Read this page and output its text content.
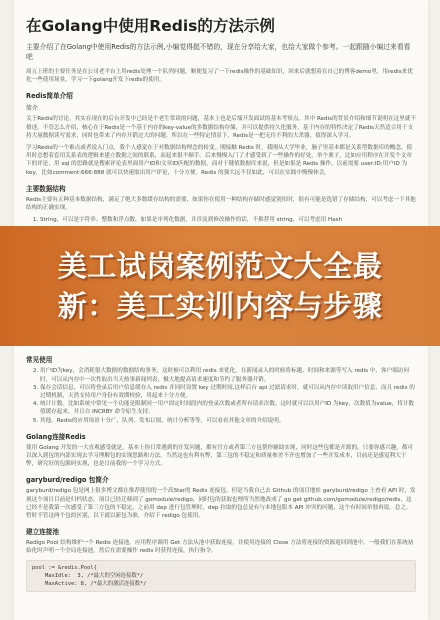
在Golang中使用Redis的方法示例
主要介绍了在Golang中使用Redis的方法示例,小编觉得挺不错的，现在分享给大家，也给大家做个参考。一起跟随小编过来看看吧
周五上班的主要任务是在公司老平台上用redis处理一个队列问题，顺便复习了一下redis操作的基础知识，回来后就想着在自己的博客demo里，用redis来优化一些使用场景，学习一下golang开发下redis的使用。
Redis简单介绍
简介
关于Redis的讨论，其实在现在的后台开发中已经是个老生常谈的问题，基本上也是后端开发面试的基本考察点。其中 Redis的背景介绍和细节说明在这里就不赘述。不管怎么介绍，核心在于Redis是一个基于内存的key-value的多数据结构存储，并可以提供持久化服务。基于内存的特性决定了Redis天然适合用于支持大量数据读写需求，同时也带来了内存开销过大的问题。所以在一些特定情景下，Redis是一把无往不利的大杀器，值得深入学习。
学习Redis的一个难点或者说入门点，我个人感觉在于对数据结构理念的转变。刚接触 Redis 时，我刚从大学毕业，脑子里基本都是关系型数据库的概念，使用时总想着套用关系表的逻辑来建立数据之间的联系，而起来很不顺手。后来慢慢入门了才感受到了一些操作的好处。举个栗子，比如应用程序在开发个文章下的评论，用 sql 的思路就是搜索评论表里面用户ID和文章ID匹配的数据，而对于键值数据库来说，但是如果是 Redis 操作，以前需要 user:ID:用户ID 为key，比如comment:666:888 就可以快速取出用户评论，十分方便。Redis 的强大远不仅如此，可以在实践中慢慢体会。
主要数据结构
Redis主要有五种基本数据结构，满足了绝大多数缓存结构的需要，如果你在使用一种结构存储时感觉别扭时，很有可能是选错了存储结构，可以考虑一下其他结构的正确实现。
1. String，可以是字符串、整数和浮点数，如果是序列化数据，并涉及到修改操作的话，不推荐用 string，可以考虑用 Hash
常见使用
2. 用户ID为key，会消耗很大数据的数据结构事务，这时候可以利用 redis 来优化，在新闻录入的时候将标题、时间和来源等写入 redis 中，客户端访问时，可以从内存中一次性取出当天热事新闻列表，极大地提高请求速度和节约了服务器开销。
3. 保存会话信息，可以将登录后用户信息缓存入 redis 并同时设置 key 过期时间,这样后台 api 过滤请求时，就可以从内存中读取用户信息，而且 redis 的过期机制，天然支持用户身份有效期校验，用起来十分方便。
4. 统计计数。比如系统中常见一个功能是限制同一用户固定时间段内的登录次数或者所有请求次数，这时就可以以用户ID 为key，次数值为value，将计数值缓存起来，并且自 INCRBY 命令原生支持。
5. 其他。Redis的应用场景十分广，队列、发布订阅、统计分析等等，可以看看其他文章的介绍说明。
Golang连接Redis
使用 Golang 开发的一大直观感受就是，基本上你日常遇到的开发问题，都有官方或者第三方包帮你辅助实现，同时这些包都是开源的，只要你感兴趣，都可以深入到包的内部实现去学习理解包的实现思路和方法。当然这也有利有弊，第三包的不稳定和质量参差不齐也增加了一些开发成本，目前还是感觉利大于弊，研究好的包源码实现，也是日前我的一个学习方式。
garyburd/redigo 包简介
garyburd/redigo 包是网上很多博文都在推荐使用的一个高Star的 Redis 连接包，但是当我自己去 Github 的项目地址 garyburd/redigo 上查看 API 时，发现这个项目目前是归档状态，项目已经迁移到了 gomodule/redigo，同时包的获取也理所当然地改成了 go get github.com/gomodule/redigo/redis，这已经不是我第一次感受了第三方包的不稳定，之前用 dep 进行包管理时，dep 拉取的包总是有与本地包版本 API 冲突的问题，这个有时间单独再说。总之，暂时不管这两个包的区别，以下就以新包为准，介绍下 redigo 包使用。
建立连接池
Redigo Pool 结构维护一个 Redis 连接池。应用程序调用 Get 方法从池中获取连接，并使用连接的 Close 方法将连接的资源返回到池中。一般我们在系统初始化时声明一个全局连接池，然后在需要操作 redis 时获得连接，执行指令。
pool := &redis.Pool{
MaxIdle:  3, /*最大的空闲连接数*/
MaxActive: 8, /*最大的激活连接数*/
美工试岗案例范文大全最
新：美工实训内容与步骤
